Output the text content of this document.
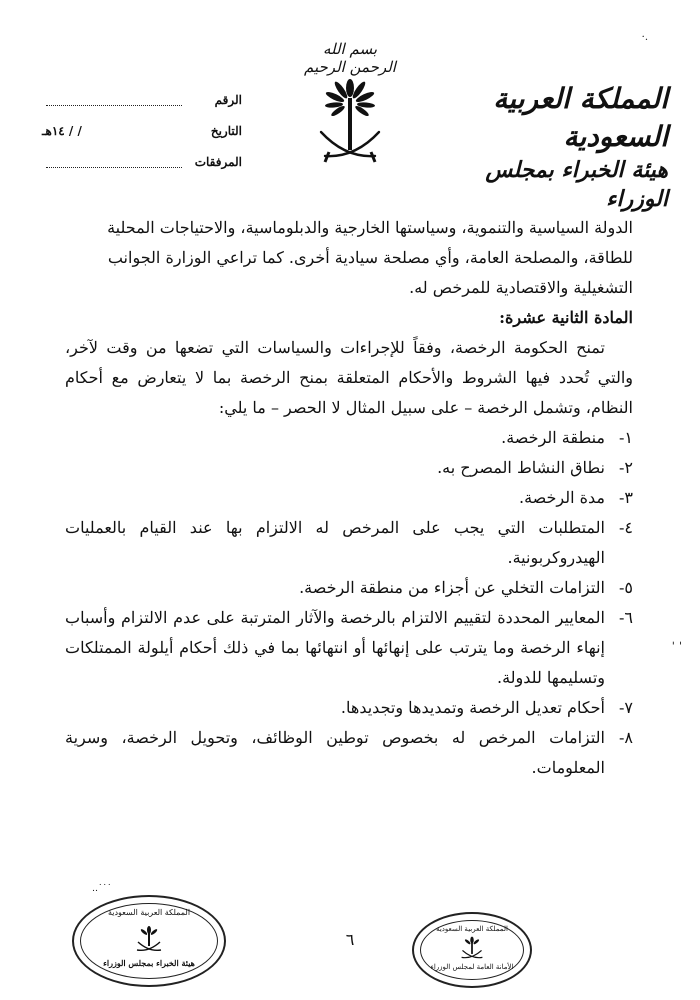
·.
ˈ ˈ
بسم الله الرحمن الرحيم
المملكة العربية السعودية
هيئة الخبراء بمجلس الوزراء
الرقم
التاريخ
/ / ١٤هـ
المرفقات

الدولة السياسية والتنموية، وسياستها الخارجية والدبلوماسية، والاحتياجات المحلية

للطاقة، والمصلحة العامة، وأي مصلحة سيادية أخرى. كما تراعي الوزارة الجوانب

التشغيلية والاقتصادية للمرخص له.

المادة الثانية عشرة:

تمنح الحكومة الرخصة، وفقاً للإجراءات والسياسات التي تضعها من وقت لآخر، والتي تُحدد فيها الشروط والأحكام المتعلقة بمنح الرخصة بما لا يتعارض مع أحكام النظام، وتشمل الرخصة – على سبيل المثال لا الحصر – ما يلي:

١-
منطقة الرخصة.
٢-
نطاق النشاط المصرح به.
٣-
مدة الرخصة.
٤-
المتطلبات التي يجب على المرخص له الالتزام بها عند القيام بالعمليات الهيدروكربونية.
٥-
التزامات التخلي عن أجزاء من منطقة الرخصة.
٦-
المعايير المحددة لتقييم الالتزام بالرخصة والآثار المترتبة على عدم الالتزام وأسباب إنهاء الرخصة وما يترتب على إنهائها أو انتهائها بما في ذلك أحكام أيلولة الممتلكات وتسليمها للدولة.
٧-
أحكام تعديل الرخصة وتمديدها وتجديدها.
٨-
التزامات المرخص له بخصوص توطين الوظائف، وتحويل الرخصة، وسرية المعلومات.
٦
‥˙˙˙
المملكة العربية السعودية
هيئة الخبراء بمجلس الوزراء
المملكة العربية السعودية
الأمانة العامة لمجلس الوزراء
